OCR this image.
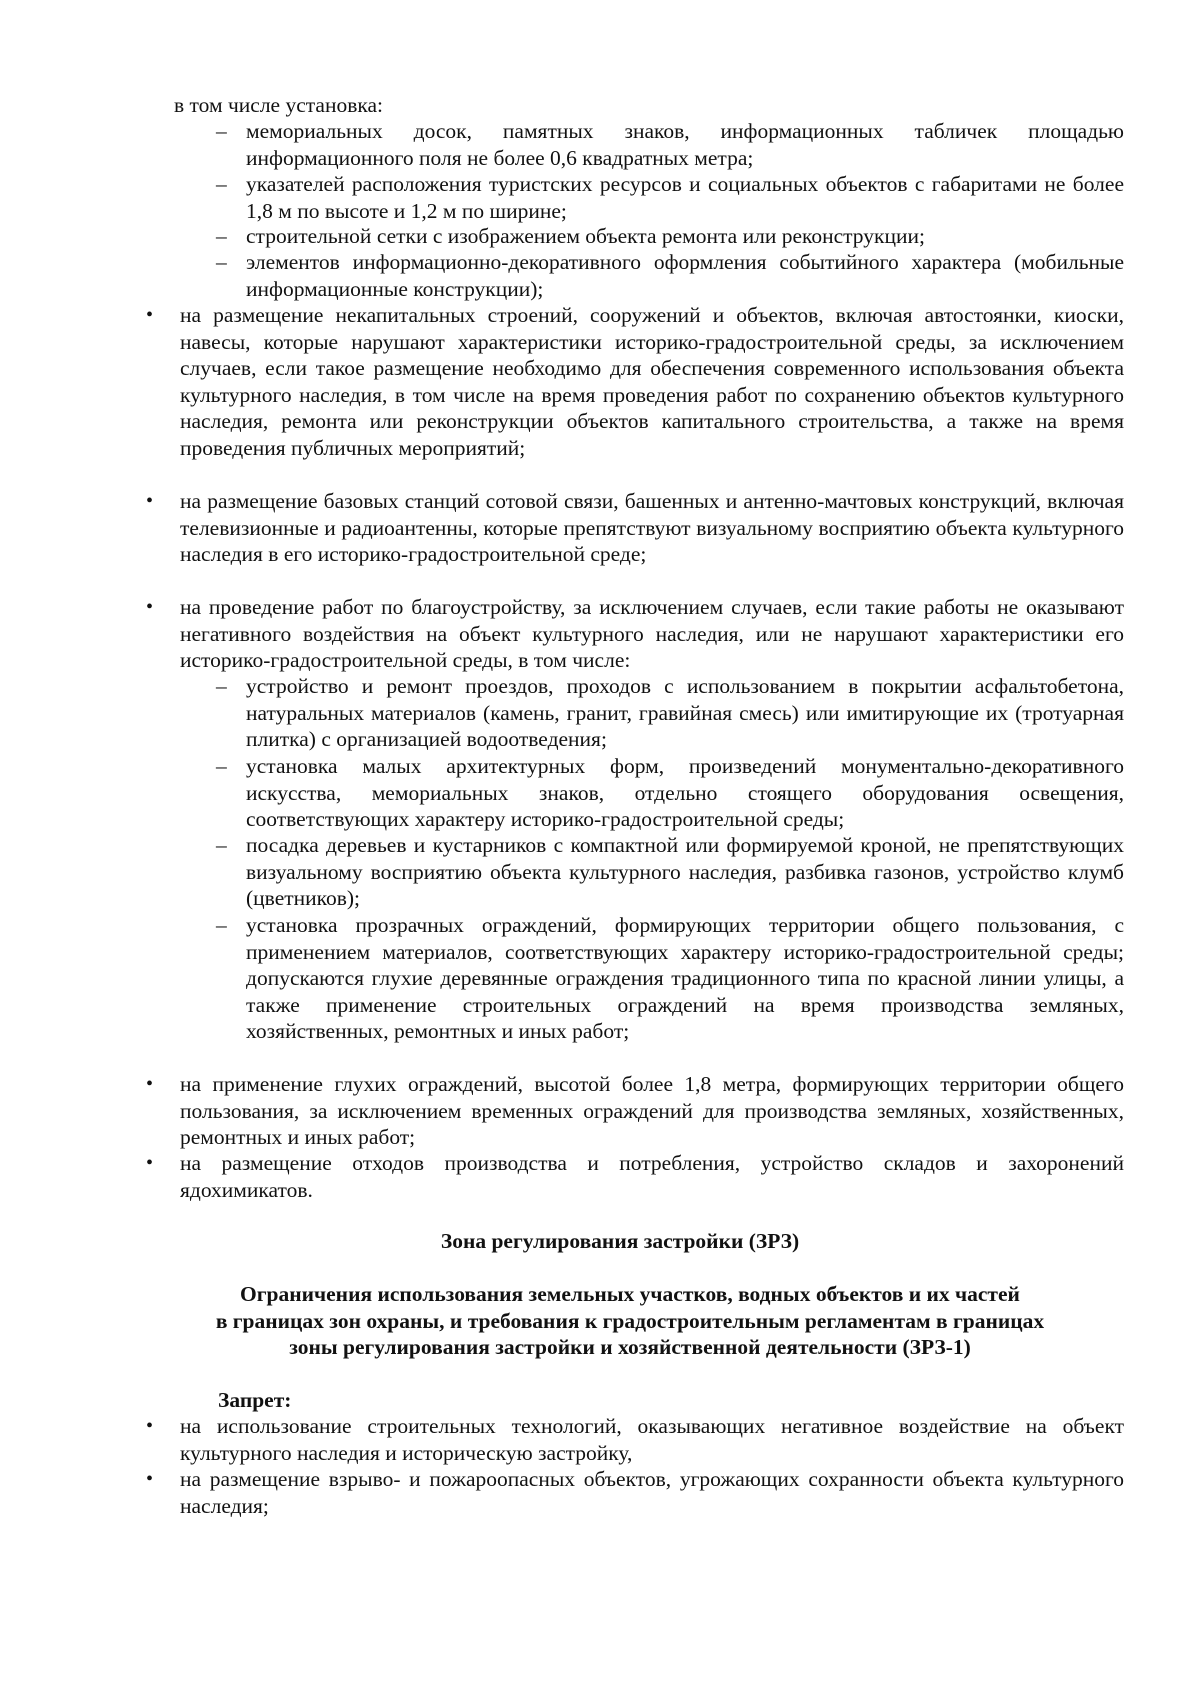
в том числе установка:
– мемориальных досок, памятных знаков, информационных табличек площадью информационного поля не более 0,6 квадратных метра;
– указателей расположения туристских ресурсов и социальных объектов с габаритами не более 1,8 м по высоте и 1,2 м по ширине;
– строительной сетки с изображением объекта ремонта или реконструкции;
– элементов информационно-декоративного оформления событийного характера (мобильные информационные конструкции);
• на размещение некапитальных строений, сооружений и объектов, включая автостоянки, киоски, навесы, которые нарушают характеристики историко-градостроительной среды, за исключением случаев, если такое размещение необходимо для обеспечения современного использования объекта культурного наследия, в том числе на время проведения работ по сохранению объектов культурного наследия, ремонта или реконструкции объектов капитального строительства, а также на время проведения публичных мероприятий;
• на размещение базовых станций сотовой связи, башенных и антенно-мачтовых конструкций, включая телевизионные и радиоантенны, которые препятствуют визуальному восприятию объекта культурного наследия в его историко-градостроительной среде;
• на проведение работ по благоустройству, за исключением случаев, если такие работы не оказывают негативного воздействия на объект культурного наследия, или не нарушают характеристики его историко-градостроительной среды, в том числе:
– устройство и ремонт проездов, проходов с использованием в покрытии асфальтобетона, натуральных материалов (камень, гранит, гравийная смесь) или имитирующие их (тротуарная плитка) с организацией водоотведения;
– установка малых архитектурных форм, произведений монументально-декоративного искусства, мемориальных знаков, отдельно стоящего оборудования освещения, соответствующих характеру историко-градостроительной среды;
– посадка деревьев и кустарников с компактной или формируемой кроной, не препятствующих визуальному восприятию объекта культурного наследия, разбивка газонов, устройство клумб (цветников);
– установка прозрачных ограждений, формирующих территории общего пользования, с применением материалов, соответствующих характеру историко-градостроительной среды; допускаются глухие деревянные ограждения традиционного типа по красной линии улицы, а также применение строительных ограждений на время производства земляных, хозяйственных, ремонтных и иных работ;
• на применение глухих ограждений, высотой более 1,8 метра, формирующих территории общего пользования, за исключением временных ограждений для производства земляных, хозяйственных, ремонтных и иных работ;
• на размещение отходов производства и потребления, устройство складов и захоронений ядохимикатов.
Зона регулирования застройки (ЗРЗ)
Ограничения использования земельных участков, водных объектов и их частей
в границах зон охраны, и требования к градостроительным регламентам в границах
зоны регулирования застройки и хозяйственной деятельности (ЗРЗ-1)
Запрет:
• на использование строительных технологий, оказывающих негативное воздействие на объект культурного наследия и историческую застройку,
• на размещение взрыво- и пожароопасных объектов, угрожающих сохранности объекта культурного наследия;
